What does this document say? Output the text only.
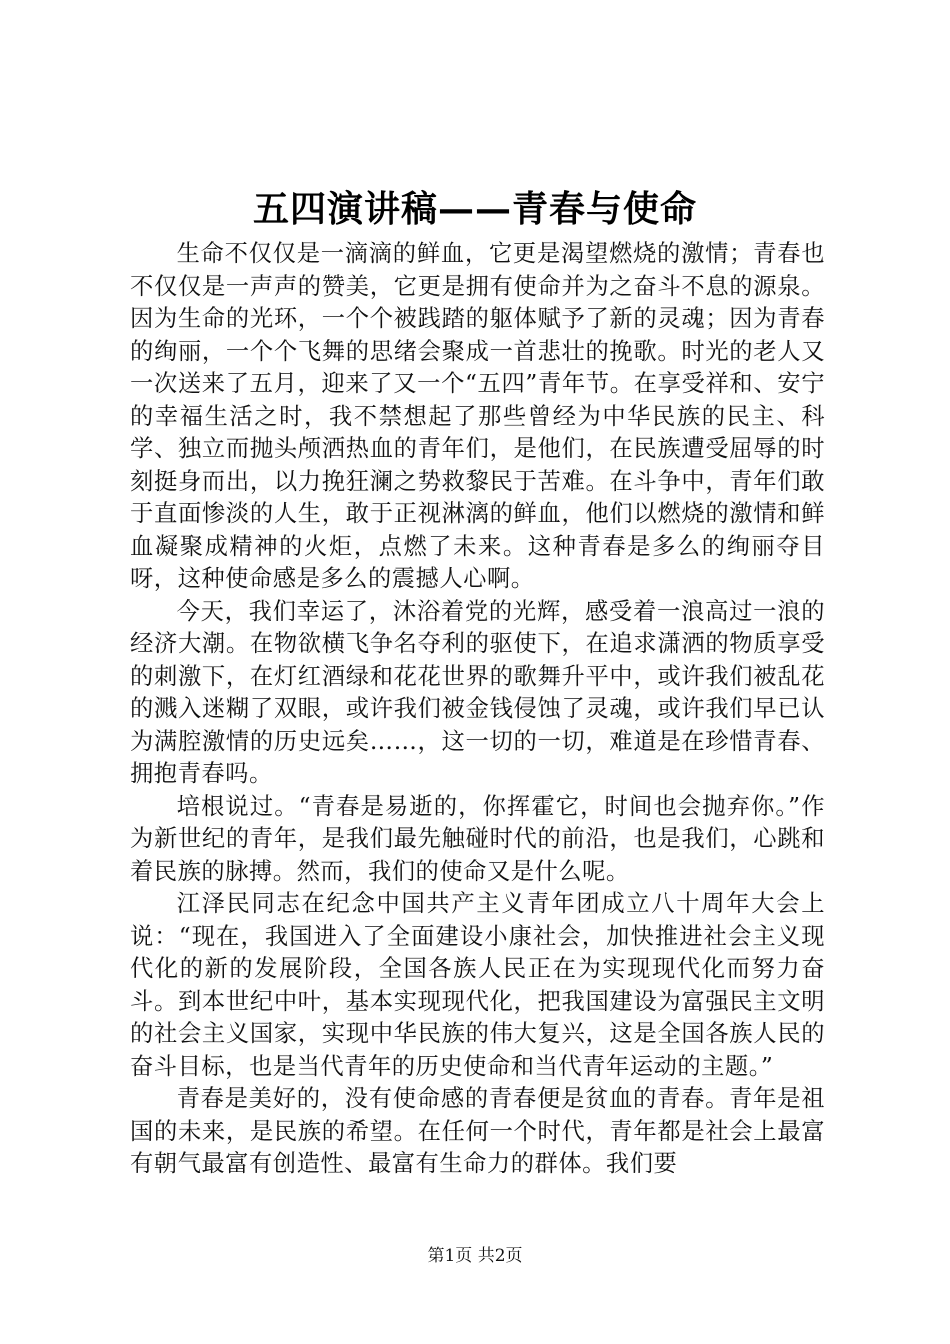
五四演讲稿——青春与使命

生命不仅仅是一滴滴的鲜血，它更是渴望燃烧的激情；青春也不仅仅是一声声的赞美，它更是拥有使命并为之奋斗不息的源泉。因为生命的光环，一个个被践踏的躯体赋予了新的灵魂；因为青春的绚丽，一个个飞舞的思绪会聚成一首悲壮的挽歌。时光的老人又一次送来了五月，迎来了又一个“五四”青年节。在享受祥和、安宁的幸福生活之时，我不禁想起了那些曾经为中华民族的民主、科学、独立而抛头颅洒热血的青年们，是他们，在民族遭受屈辱的时刻挺身而出，以力挽狂澜之势救黎民于苦难。在斗争中，青年们敢于直面惨淡的人生，敢于正视淋漓的鲜血，他们以燃烧的激情和鲜血凝聚成精神的火炬，点燃了未来。这种青春是多么的绚丽夺目呀，这种使命感是多么的震撼人心啊。

今天，我们幸运了，沐浴着党的光辉，感受着一浪高过一浪的经济大潮。在物欲横飞争名夺利的驱使下，在追求潇洒的物质享受的刺激下，在灯红酒绿和花花世界的歌舞升平中，或许我们被乱花的溅入迷糊了双眼，或许我们被金钱侵蚀了灵魂，或许我们早已认为满腔激情的历史远矣……，这一切的一切，难道是在珍惜青春、拥抱青春吗。

培根说过。“青春是易逝的，你挥霍它，时间也会抛弃你。”作为新世纪的青年，是我们最先触碰时代的前沿，也是我们，心跳和着民族的脉搏。然而，我们的使命又是什么呢。

江泽民同志在纪念中国共产主义青年团成立八十周年大会上说：“现在，我国进入了全面建设小康社会，加快推进社会主义现代化的新的发展阶段，全国各族人民正在为实现现代化而努力奋斗。到本世纪中叶，基本实现现代化，把我国建设为富强民主文明的社会主义国家，实现中华民族的伟大复兴，这是全国各族人民的奋斗目标，也是当代青年的历史使命和当代青年运动的主题。”

青春是美好的，没有使命感的青春便是贫血的青春。青年是祖国的未来，是民族的希望。在任何一个时代，青年都是社会上最富有朝气最富有创造性、最富有生命力的群体。我们要

第1页 共2页
